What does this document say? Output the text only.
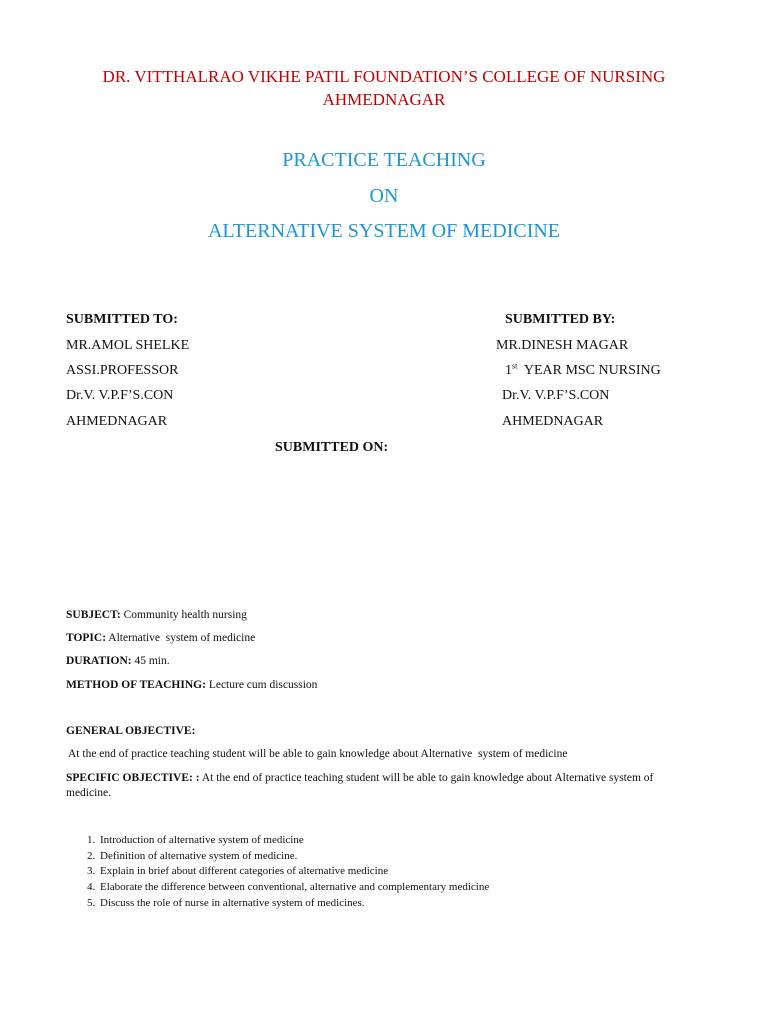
DR. VITTHALRAO VIKHE PATIL FOUNDATION’S COLLEGE OF NURSING
AHMEDNAGAR
PRACTICE TEACHING
ON
ALTERNATIVE SYSTEM OF MEDICINE
SUBMITTED TO:
MR.AMOL SHELKE
ASSI.PROFESSOR
Dr.V. V.P.F’S.CON
AHMEDNAGAR
SUBMITTED BY:
MR.DINESH MAGAR
1st YEAR MSC NURSING
Dr.V. V.P.F’S.CON
AHMEDNAGAR
SUBMITTED ON:
SUBJECT: Community health nursing
TOPIC: Alternative  system of medicine
DURATION: 45 min.
METHOD OF TEACHING: Lecture cum discussion
GENERAL OBJECTIVE:
At the end of practice teaching student will be able to gain knowledge about Alternative  system of medicine
SPECIFIC OBJECTIVE: : At the end of practice teaching student will be able to gain knowledge about Alternative system of medicine.
1. Introduction of alternative system of medicine
2. Definition of alternative system of medicine.
3. Explain in brief about different categories of alternative medicine
4. Elaborate the difference between conventional, alternative and complementary medicine
5. Discuss the role of nurse in alternative system of medicines.
